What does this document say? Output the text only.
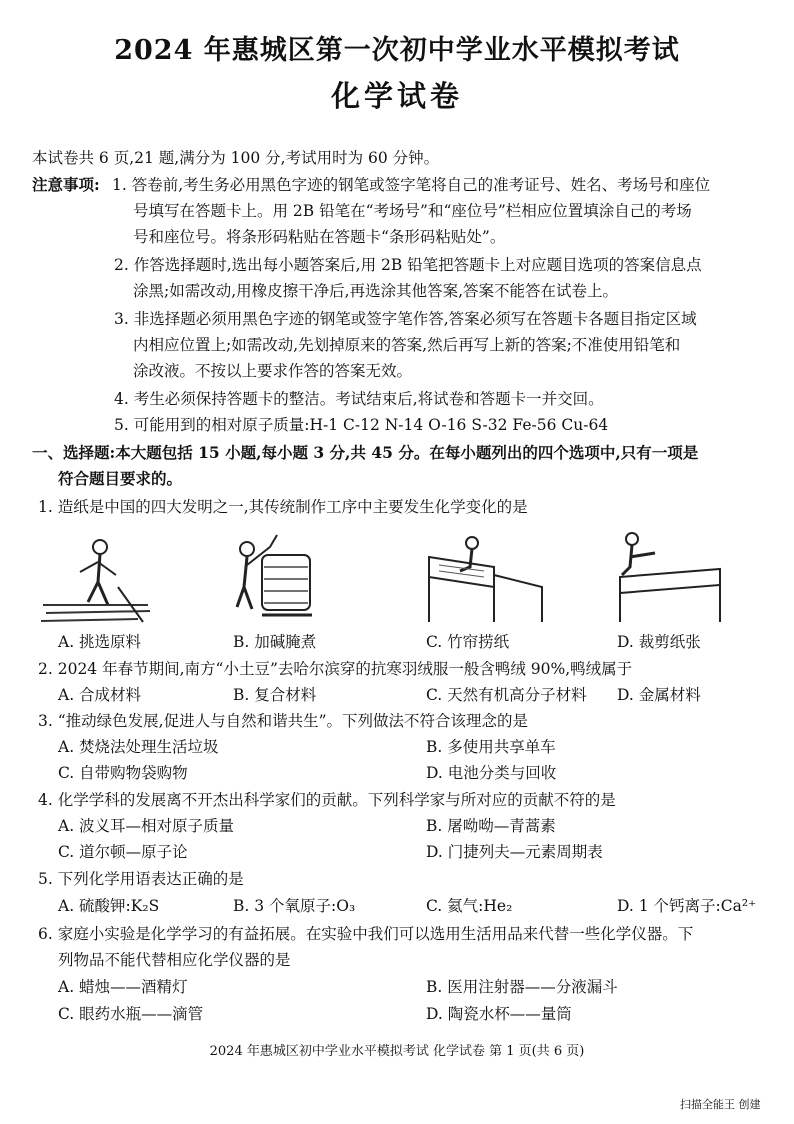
2024 年惠城区第一次初中学业水平模拟考试
化学试卷
本试卷共 6 页,21 题,满分为 100 分,考试用时为 60 分钟。
注意事项: 1. 答卷前,考生务必用黑色字迹的钢笔或签字笔将自己的准考证号、姓名、考场号和座位
号填写在答题卡上。用 2B 铅笔在“考场号”和“座位号”栏相应位置填涂自己的考场
号和座位号。将条形码粘贴在答题卡“条形码粘贴处”。
2. 作答选择题时,选出每小题答案后,用 2B 铅笔把答题卡上对应题目选项的答案信息点
涂黑;如需改动,用橡皮擦干净后,再选涂其他答案,答案不能答在试卷上。
3. 非选择题必须用黑色字迹的钢笔或签字笔作答,答案必须写在答题卡各题目指定区域
内相应位置上;如需改动,先划掉原来的答案,然后再写上新的答案;不准使用铅笔和
涂改液。不按以上要求作答的答案无效。
4. 考生必须保持答题卡的整洁。考试结束后,将试卷和答题卡一并交回。
5. 可能用到的相对原子质量:H-1 C-12 N-14 O-16 S-32 Fe-56 Cu-64
一、选择题:本大题包括 15 小题,每小题 3 分,共 45 分。在每小题列出的四个选项中,只有一项是
符合题目要求的。
1. 造纸是中国的四大发明之一,其传统制作工序中主要发生化学变化的是
A. 挑选原料	B. 加碱腌煮	C. 竹帘捞纸	D. 裁剪纸张
2. 2024 年春节期间,南方“小土豆”去哈尔滨穿的抗寒羽绒服一般含鸭绒 90%,鸭绒属于
A. 合成材料	B. 复合材料	C. 天然有机高分子材料 D. 金属材料
3. “推动绿色发展,促进人与自然和谐共生”。下列做法不符合该理念的是
A. 焚烧法处理生活垃圾	B. 多使用共享单车
C. 自带购物袋购物	D. 电池分类与回收
4. 化学学科的发展离不开杰出科学家们的贡献。下列科学家与所对应的贡献不符的是
A. 波义耳—相对原子质量	B. 屠呦呦—青蒿素
C. 道尔顿—原子论	D. 门捷列夫—元素周期表
5. 下列化学用语表达正确的是
A. 硫酸钾:K₂S	B. 3 个氧原子:O₃	C. 氦气:He₂	D. 1 个钙离子:Ca²⁺
6. 家庭小实验是化学学习的有益拓展。在实验中我们可以选用生活用品来代替一些化学仪器。下
列物品不能代替相应化学仪器的是
A. 蜡烛——酒精灯	B. 医用注射器——分液漏斗
C. 眼药水瓶——滴管	D. 陶瓷水杯——量筒
2024 年惠城区初中学业水平模拟考试 化学试卷 第 1 页(共 6 页)
扫描全能王 创建
